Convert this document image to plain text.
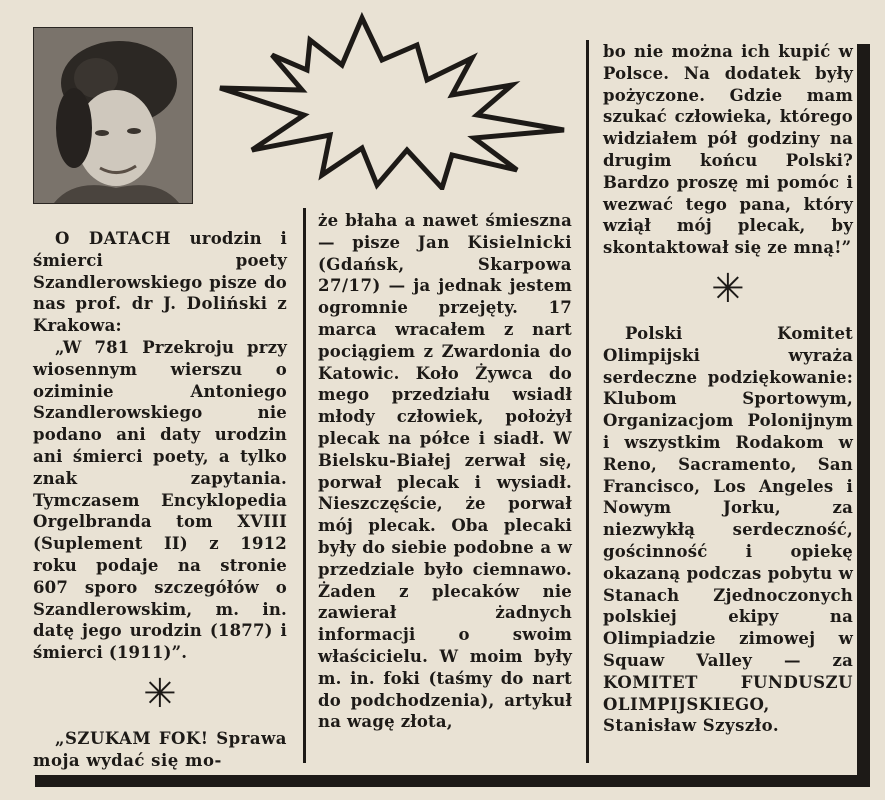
O DATACH urodzin i śmierci poety Szandlerowskiego pisze do nas prof. dr J. Doliński z Krakowa:

„W 781 Przekroju przy wiosennym wierszu o oziminie Antoniego Szandlerowskiego nie podano ani daty urodzin ani śmierci poety, a tylko znak zapytania. Tymczasem Encyklopedia Orgelbranda tom XVIII (Suplement II) z 1912 roku podaje na stronie 607 sporo szczegółów o Szandlerowskim, m. in. datę jego urodzin (1877) i śmierci (1911)”.

✳

„SZUKAM FOK! Sprawa moja wydać się mo-

że błaha a nawet śmieszna — pisze Jan Kisielnicki (Gdańsk, Skarpowa 27/17) — ja jednak jestem ogromnie przejęty. 17 marca wracałem z nart pociągiem z Zwardonia do Katowic. Koło Żywca do mego przedziału wsiadł młody człowiek, położył plecak na półce i siadł. W Bielsku-Białej zerwał się, porwał plecak i wysiadł. Nieszczęście, że porwał mój plecak. Oba plecaki były do siebie podobne a w przedziale było ciemnawo. Żaden z plecaków nie zawierał żadnych informacji o swoim właścicielu. W moim były m. in. foki (taśmy do nart do podchodzenia), artykuł na wagę złota,

bo nie można ich kupić w Polsce. Na dodatek były pożyczone. Gdzie mam szukać człowieka, którego widziałem pół godziny na drugim końcu Polski? Bardzo proszę mi pomóc i wezwać tego pana, który wziął mój plecak, by skontaktował się ze mną!”

✳

Polski Komitet Olimpijski wyraża serdeczne podziękowanie: Klubom Sportowym, Organizacjom Polonijnym i wszystkim Rodakom w Reno, Sacramento, San Francisco, Los Angeles i Nowym Jorku, za niezwykłą serdeczność, gościnność i opiekę okazaną podczas pobytu w Stanach Zjednoczonych polskiej ekipy na Olimpiadzie zimowej w Squaw Valley — za KOMITET FUNDUSZU OLIMPIJSKIEGO, Stanisław Szyszło.
